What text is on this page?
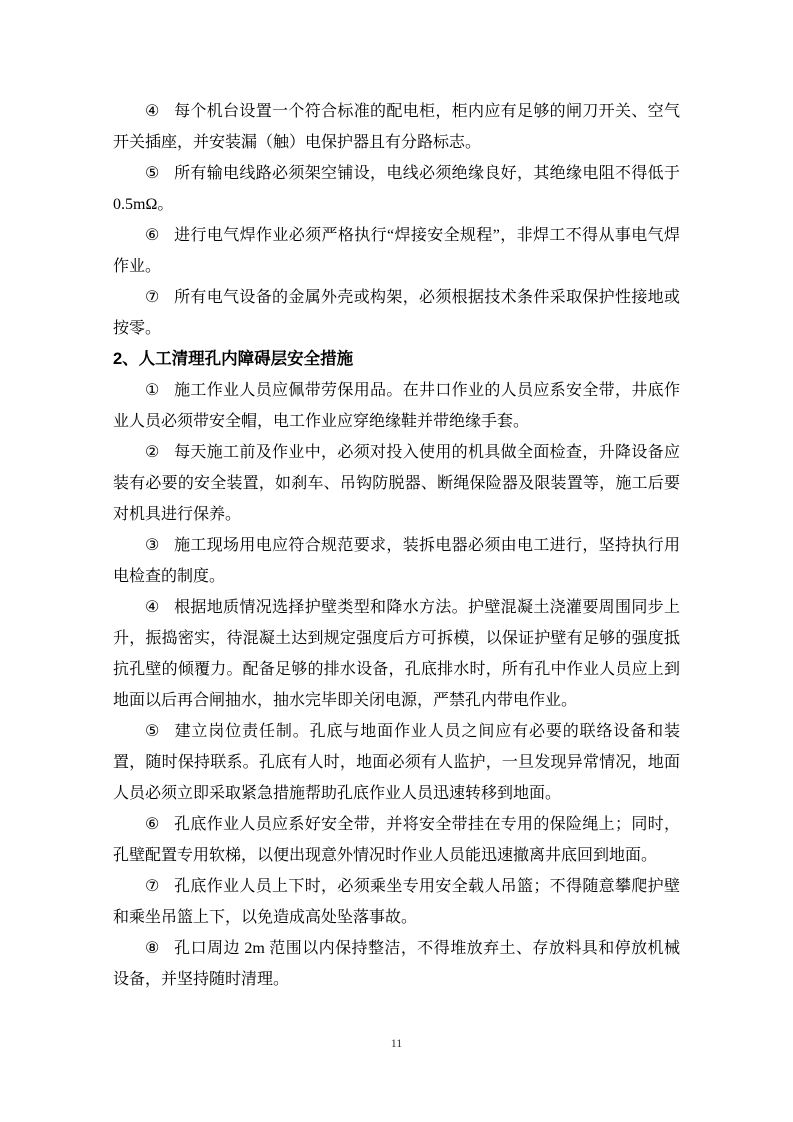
④ 每个机台设置一个符合标准的配电柜，柜内应有足够的闸刀开关、空气开关插座，并安装漏（触）电保护器且有分路标志。

⑤ 所有输电线路必须架空铺设，电线必须绝缘良好，其绝缘电阻不得低于0.5mΩ。

⑥ 进行电气焊作业必须严格执行“焊接安全规程”，非焊工不得从事电气焊作业。

⑦ 所有电气设备的金属外壳或构架，必须根据技术条件采取保护性接地或按零。

2、人工清理孔内障碍层安全措施

① 施工作业人员应佩带劳保用品。在井口作业的人员应系安全带，井底作业人员必须带安全帽，电工作业应穿绝缘鞋并带绝缘手套。

② 每天施工前及作业中，必须对投入使用的机具做全面检查，升降设备应装有必要的安全装置，如刹车、吊钩防脱器、断绳保险器及限装置等，施工后要对机具进行保养。

③ 施工现场用电应符合规范要求，装拆电器必须由电工进行，坚持执行用电检查的制度。

④ 根据地质情况选择护壁类型和降水方法。护壁混凝土浇灌要周围同步上升，振捣密实，待混凝土达到规定强度后方可拆模，以保证护壁有足够的强度抵抗孔壁的倾覆力。配备足够的排水设备，孔底排水时，所有孔中作业人员应上到地面以后再合闸抽水，抽水完毕即关闭电源，严禁孔内带电作业。

⑤ 建立岗位责任制。孔底与地面作业人员之间应有必要的联络设备和装置，随时保持联系。孔底有人时，地面必须有人监护，一旦发现异常情况，地面人员必须立即采取紧急措施帮助孔底作业人员迅速转移到地面。

⑥ 孔底作业人员应系好安全带，并将安全带挂在专用的保险绳上；同时，孔壁配置专用软梯，以便出现意外情况时作业人员能迅速撤离井底回到地面。

⑦ 孔底作业人员上下时，必须乘坐专用安全载人吊篮；不得随意攀爬护壁和乘坐吊篮上下，以免造成高处坠落事故。

⑧ 孔口周边 2m 范围以内保持整洁，不得堆放弃土、存放料具和停放机械设备，并坚持随时清理。

11
